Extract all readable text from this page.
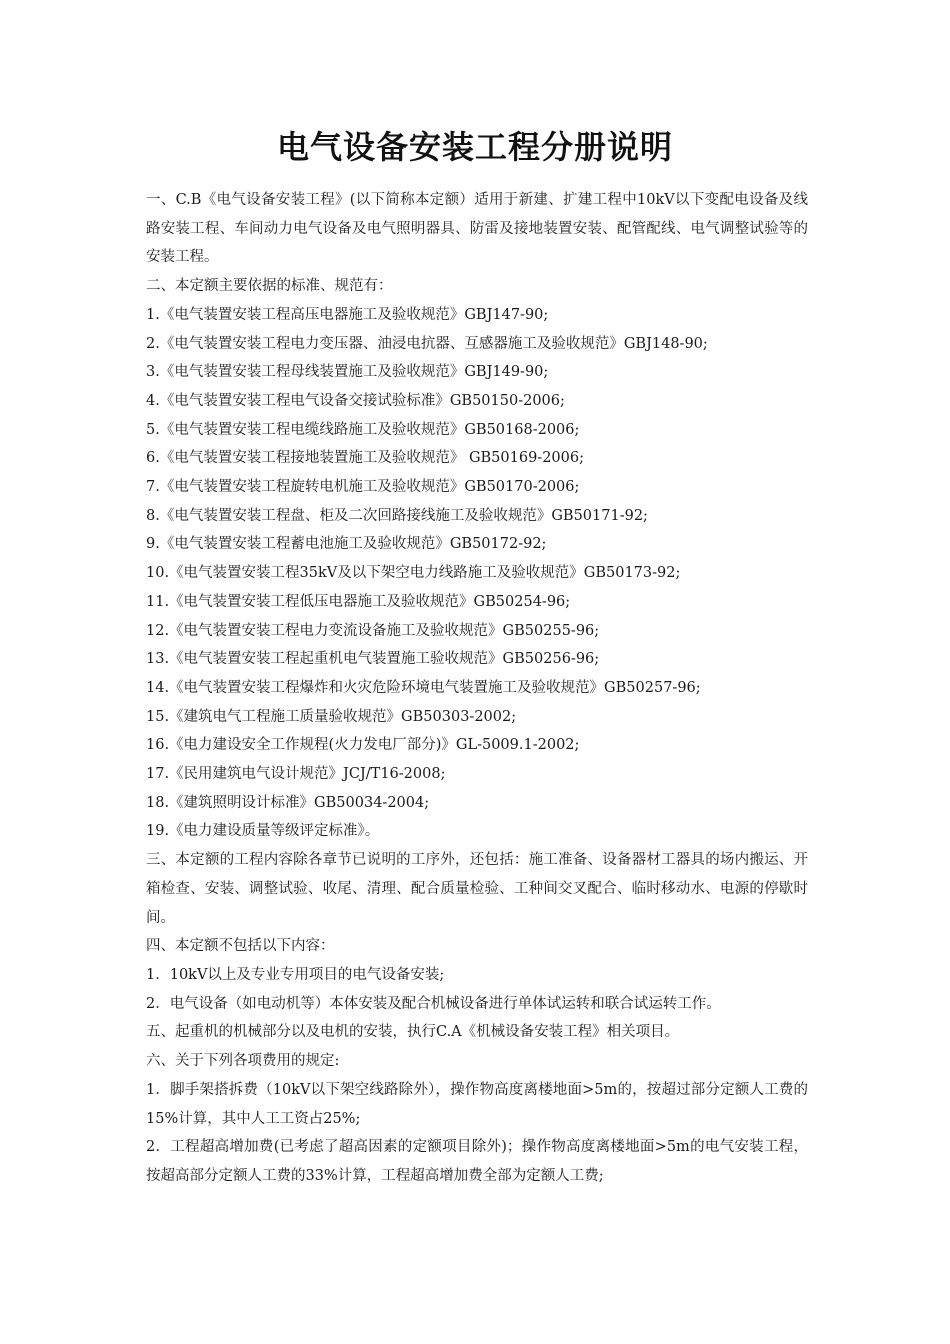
电气设备安装工程分册说明

一、C.B《电气设备安装工程》(以下简称本定额）适用于新建、扩建工程中10kV以下变配电设备及线路安装工程、车间动力电气设备及电气照明器具、防雷及接地装置安装、配管配线、电气调整试验等的安装工程。

二、本定额主要依据的标准、规范有：

1.《电气装置安装工程高压电器施工及验收规范》GBJ147-90;

2.《电气装置安装工程电力变压器、油浸电抗器、互感器施工及验收规范》GBJ148-90;

3.《电气装置安装工程母线装置施工及验收规范》GBJ149-90;

4.《电气装置安装工程电气设备交接试验标准》GB50150-2006;

5.《电气装置安装工程电缆线路施工及验收规范》GB50168-2006;

6.《电气装置安装工程接地装置施工及验收规范》 GB50169-2006;

7.《电气装置安装工程旋转电机施工及验收规范》GB50170-2006;

8.《电气装置安装工程盘、柜及二次回路接线施工及验收规范》GB50171-92;

9.《电气装置安装工程蓄电池施工及验收规范》GB50172-92;

10.《电气装置安装工程35kV及以下架空电力线路施工及验收规范》GB50173-92;

11.《电气装置安装工程低压电器施工及验收规范》GB50254-96;

12.《电气装置安装工程电力变流设备施工及验收规范》GB50255-96;

13.《电气装置安装工程起重机电气装置施工验收规范》GB50256-96;

14.《电气装置安装工程爆炸和火灾危险环境电气装置施工及验收规范》GB50257-96;

15.《建筑电气工程施工质量验收规范》GB50303-2002;

16.《电力建设安全工作规程(火力发电厂部分)》GL-5009.1-2002;

17.《民用建筑电气设计规范》JCJ/T16-2008;

18.《建筑照明设计标准》GB50034-2004;

19.《电力建设质量等级评定标准》。

三、本定额的工程内容除各章节已说明的工序外，还包括：施工准备、设备器材工器具的场内搬运、开箱检查、安装、调整试验、收尾、清理、配合质量检验、工种间交叉配合、临时移动水、电源的停歇时间。

四、本定额不包括以下内容：

1．10kV以上及专业专用项目的电气设备安装;

2．电气设备（如电动机等）本体安装及配合机械设备进行单体试运转和联合试运转工作。

五、起重机的机械部分以及电机的安装，执行C.A《机械设备安装工程》相关项目。

六、关于下列各项费用的规定:

1．脚手架搭拆费（10kV以下架空线路除外），操作物高度离楼地面>5m的，按超过部分定额人工费的15%计算，其中人工工资占25%;

2．工程超高增加费(已考虑了超高因素的定额项目除外)；操作物高度离楼地面>5m的电气安装工程，按超高部分定额人工费的33%计算，工程超高增加费全部为定额人工费;
